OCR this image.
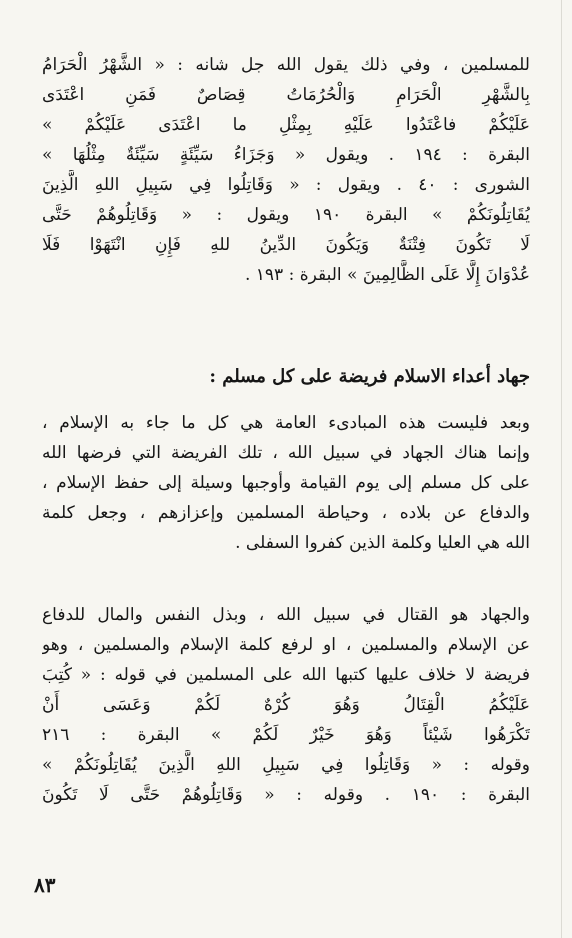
للمسلمين ، وفي ذلك يقول الله جل شانه : « الشَّهْرُ الْحَرَامُ
بِالشَّهْرِ الْحَرَامِ وَالْحُرُمَاتُ قِصَاصٌ فَمَنِ اعْتَدَى
عَلَيْكُمْ فاعْتَدُوا عَلَيْهِ بِمِثْلِ ما اعْتَدَى عَلَيْكُمْ »
البقرة : ١٩٤ . ويقول « وَجَزَاءُ سَيِّئَةٍ سَيِّئَةٌ مِثْلُهَا »
الشورى : ٤٠ . ويقول : « وَقَاتِلُوا فِي سَبِيلِ اللهِ الَّذِينَ
يُقَاتِلُونَكُمْ » البقرة ١٩٠ ويقول : « وَقَاتِلُوهُمْ حَتَّى
لَا تَكُونَ فِتْنَةٌ وَيَكُونَ الدِّينُ للهِ فَإِنِ انْتَهَوْا فَلَا
عُدْوَانَ إِلَّا عَلَى الظَّالِمِينَ » البقرة : ١٩٣ .
جهاد أعداء الاسلام فريضة على كل مسلم :
وبعد فليست هذه المبادىء العامة هي كل ما جاء به الإسلام ،
وإنما هناك الجهاد في سبيل الله ، تلك الفريضة التي فرضها الله
على كل مسلم إلى يوم القيامة وأوجبها وسيلة إلى حفظ الإسلام ،
والدفاع عن بلاده ، وحياطة المسلمين وإعزازهم ، وجعل كلمة
الله هي العليا وكلمة الذين كفروا السفلى .
والجهاد هو القتال في سبيل الله ، وبذل النفس والمال للدفاع
عن الإسلام والمسلمين ، او لرفع كلمة الإسلام والمسلمين ، وهو
فريضة لا خلاف عليها كتبها الله على المسلمين في قوله : « كُتِبَ
عَلَيْكُمُ الْقِتَالُ وَهُوَ كُرْهٌ لَكُمْ وَعَسَى أَنْ
تَكْرَهُوا شَيْئاً وَهُوَ خَيْرٌ لَكُمْ » البقرة : ٢١٦
وقوله : « وَقَاتِلُوا فِي سَبِيلِ اللهِ الَّذِينَ يُقَاتِلُونَكُمْ »
البقرة : ١٩٠ . وقوله : « وَقَاتِلُوهُمْ حَتَّى لَا تَكُونَ
٨٣
